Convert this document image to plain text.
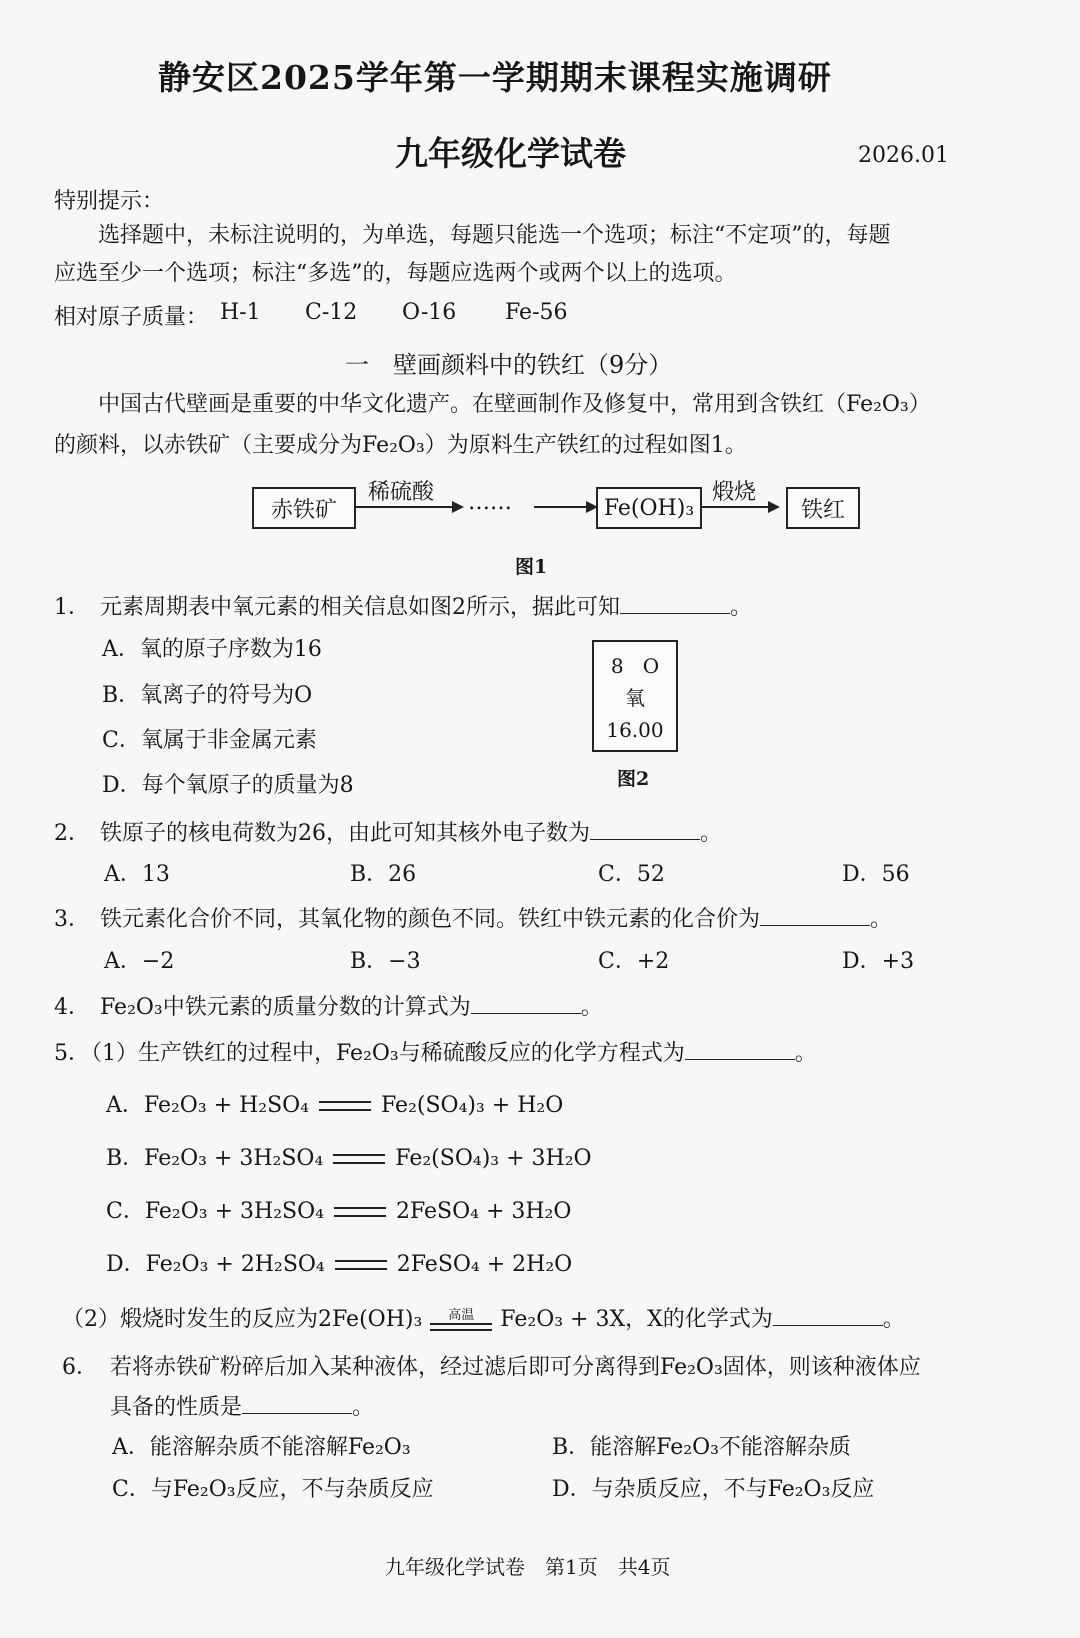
静安区2025学年第一学期期末课程实施调研
九年级化学试卷	2026.01
特别提示：
选择题中，未标注说明的，为单选，每题只能选一个选项；标注“不定项”的，每题
应选至少一个选项；标注“多选”的，每题应选两个或两个以上的选项。
相对原子质量： H-1 C-12 O-16 Fe-56
一　壁画颜料中的铁红（9分）
中国古代壁画是重要的中华文化遗产。在壁画制作及修复中，常用到含铁红（Fe₂O₃）
的颜料，以赤铁矿（主要成分为Fe₂O₃）为原料生产铁红的过程如图1。
赤铁矿
稀硫酸 ……	Fe(OH)₃
煅烧
铁红
图1
1． 元素周期表中氧元素的相关信息如图2所示，据此可知	。
A．氧的原子序数为16
B．氧离子的符号为O
C．氧属于非金属元素
D．每个氧原子的质量为8
8 O
氧
16.00
图2
2． 铁原子的核电荷数为26，由此可知其核外电子数为	。
A．13	B．26	C．52	D．56
3． 铁元素化合价不同，其氧化物的颜色不同。铁红中铁元素的化合价为	。
A．−2	B．−3	C．+2	D．+3
4． Fe₂O₃中铁元素的质量分数的计算式为	。
5．
（1）生产铁红的过程中，Fe₂O₃与稀硫酸反应的化学方程式为	。
A．Fe₂O₃ + H₂SO₄	Fe₂(SO₄)₃ + H₂O
B．Fe₂O₃ + 3H₂SO₄	Fe₂(SO₄)₃ + 3H₂O
C．Fe₂O₃ + 3H₂SO₄	2FeSO₄ + 3H₂O
D．Fe₂O₃ + 2H₂SO₄	2FeSO₄ + 2H₂O
（2）煅烧时发生的反应为2Fe(OH)₃	高温	Fe₂O₃ + 3X，X的化学式为	。
6． 若将赤铁矿粉碎后加入某种液体，经过滤后即可分离得到Fe₂O₃固体，则该种液体应
具备的性质是	。
A．能溶解杂质不能溶解Fe₂O₃	B．能溶解Fe₂O₃不能溶解杂质
C．与Fe₂O₃反应，不与杂质反应	D．与杂质反应，不与Fe₂O₃反应
九年级化学试卷　第1页　共4页
